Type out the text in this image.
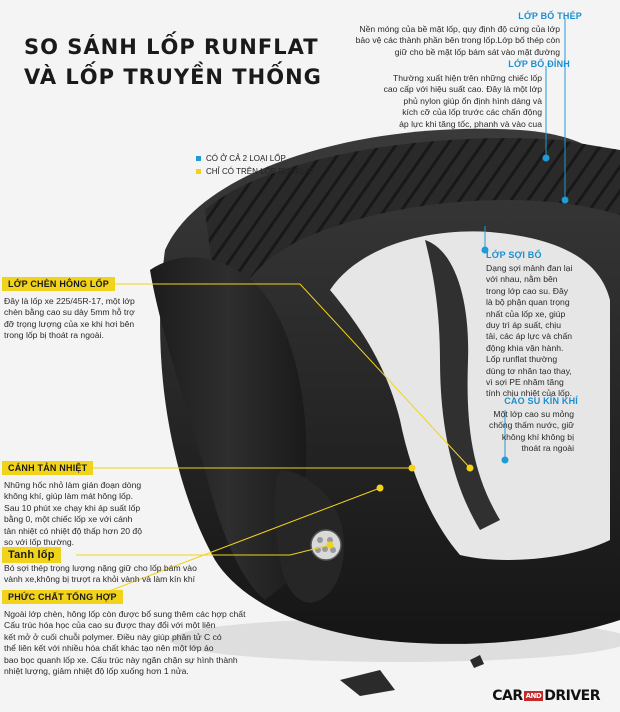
SO SÁNH LỐP RUNFLAT
VÀ LỐP TRUYỀN THỐNG
CÓ Ở CẢ 2 LOẠI LỐP
CHỈ CÓ TRÊN LỐP RUNFLAT
LỚP BỐ THÉP
Nền móng của bề mặt lốp, quy định độ cứng của lớp
bảo vệ các thành phần bên trong lốp.Lớp bố thép còn
giữ cho bề mặt lốp bám sát vào mặt đường
LỚP BỐ ĐỈNH
Thường xuất hiện trên những chiếc lốp
cao cấp với hiệu suất cao. Đây là một lớp
phủ nylon giúp ổn định hình dáng và
kích cỡ của lốp trước các chấn động
áp lực khi tăng tốc, phanh và vào cua
LỚP CHÈN HÔNG LỐP
Đây là lốp xe 225/45R-17, một lớp
chèn bằng cao su dày 5mm hỗ trợ
đỡ trọng lượng của xe khi hơi bên
trong lốp bị thoát ra ngoài.
LỚP SỢI BỐ
Dạng sợi mảnh đan lại
với nhau, nằm bên
trong lớp cao su. Đây
là bộ phận quan trọng
nhất của lốp xe, giúp
duy trì áp suất, chịu
tải, các áp lực và chấn
động khia vận hành.
Lốp runflat thường
dùng tơ nhân tạo thay,
vì sợi PE nhăm tăng
tính chịu nhiệt của lốp.
CAO SU KÍN KHÍ
Một lớp cao su mỏng
chống thấm nước, giữ
không khí không bị
thoát ra ngoài
CÁNH TẢN NHIỆT
Những hốc nhỏ làm gián đoạn dòng
không khí, giúp làm mát hông lốp.
Sau 10 phút xe chạy khi áp suất lốp
bằng 0, một chiếc lốp xe với cánh
tản nhiệt có nhiệt độ thấp hơn 20 độ
so với lốp thường.
Tanh lốp
Bó sợi thép trọng lượng nặng giữ cho lốp bám vào
vành xe,không bị trượt ra khỏi vành và làm kín khí
PHỨC CHẤT TỔNG HỢP
Ngoài lớp chèn, hông lốp còn được bổ sung thêm các hợp chất
Cấu trúc hóa học của cao su được thay đổi với một liên
kết mở ở cuối chuỗi polymer. Điều này giúp phân tử C có
thể liên kết với nhiều hóa chất khác tạo nên một lớp áo
bao bọc quanh lốp xe. Cấu trúc này ngăn chặn sự hình thành
nhiệt lượng, giảm nhiệt độ lốp xuống hơn 1 nửa.
CAR AND DRIVER
